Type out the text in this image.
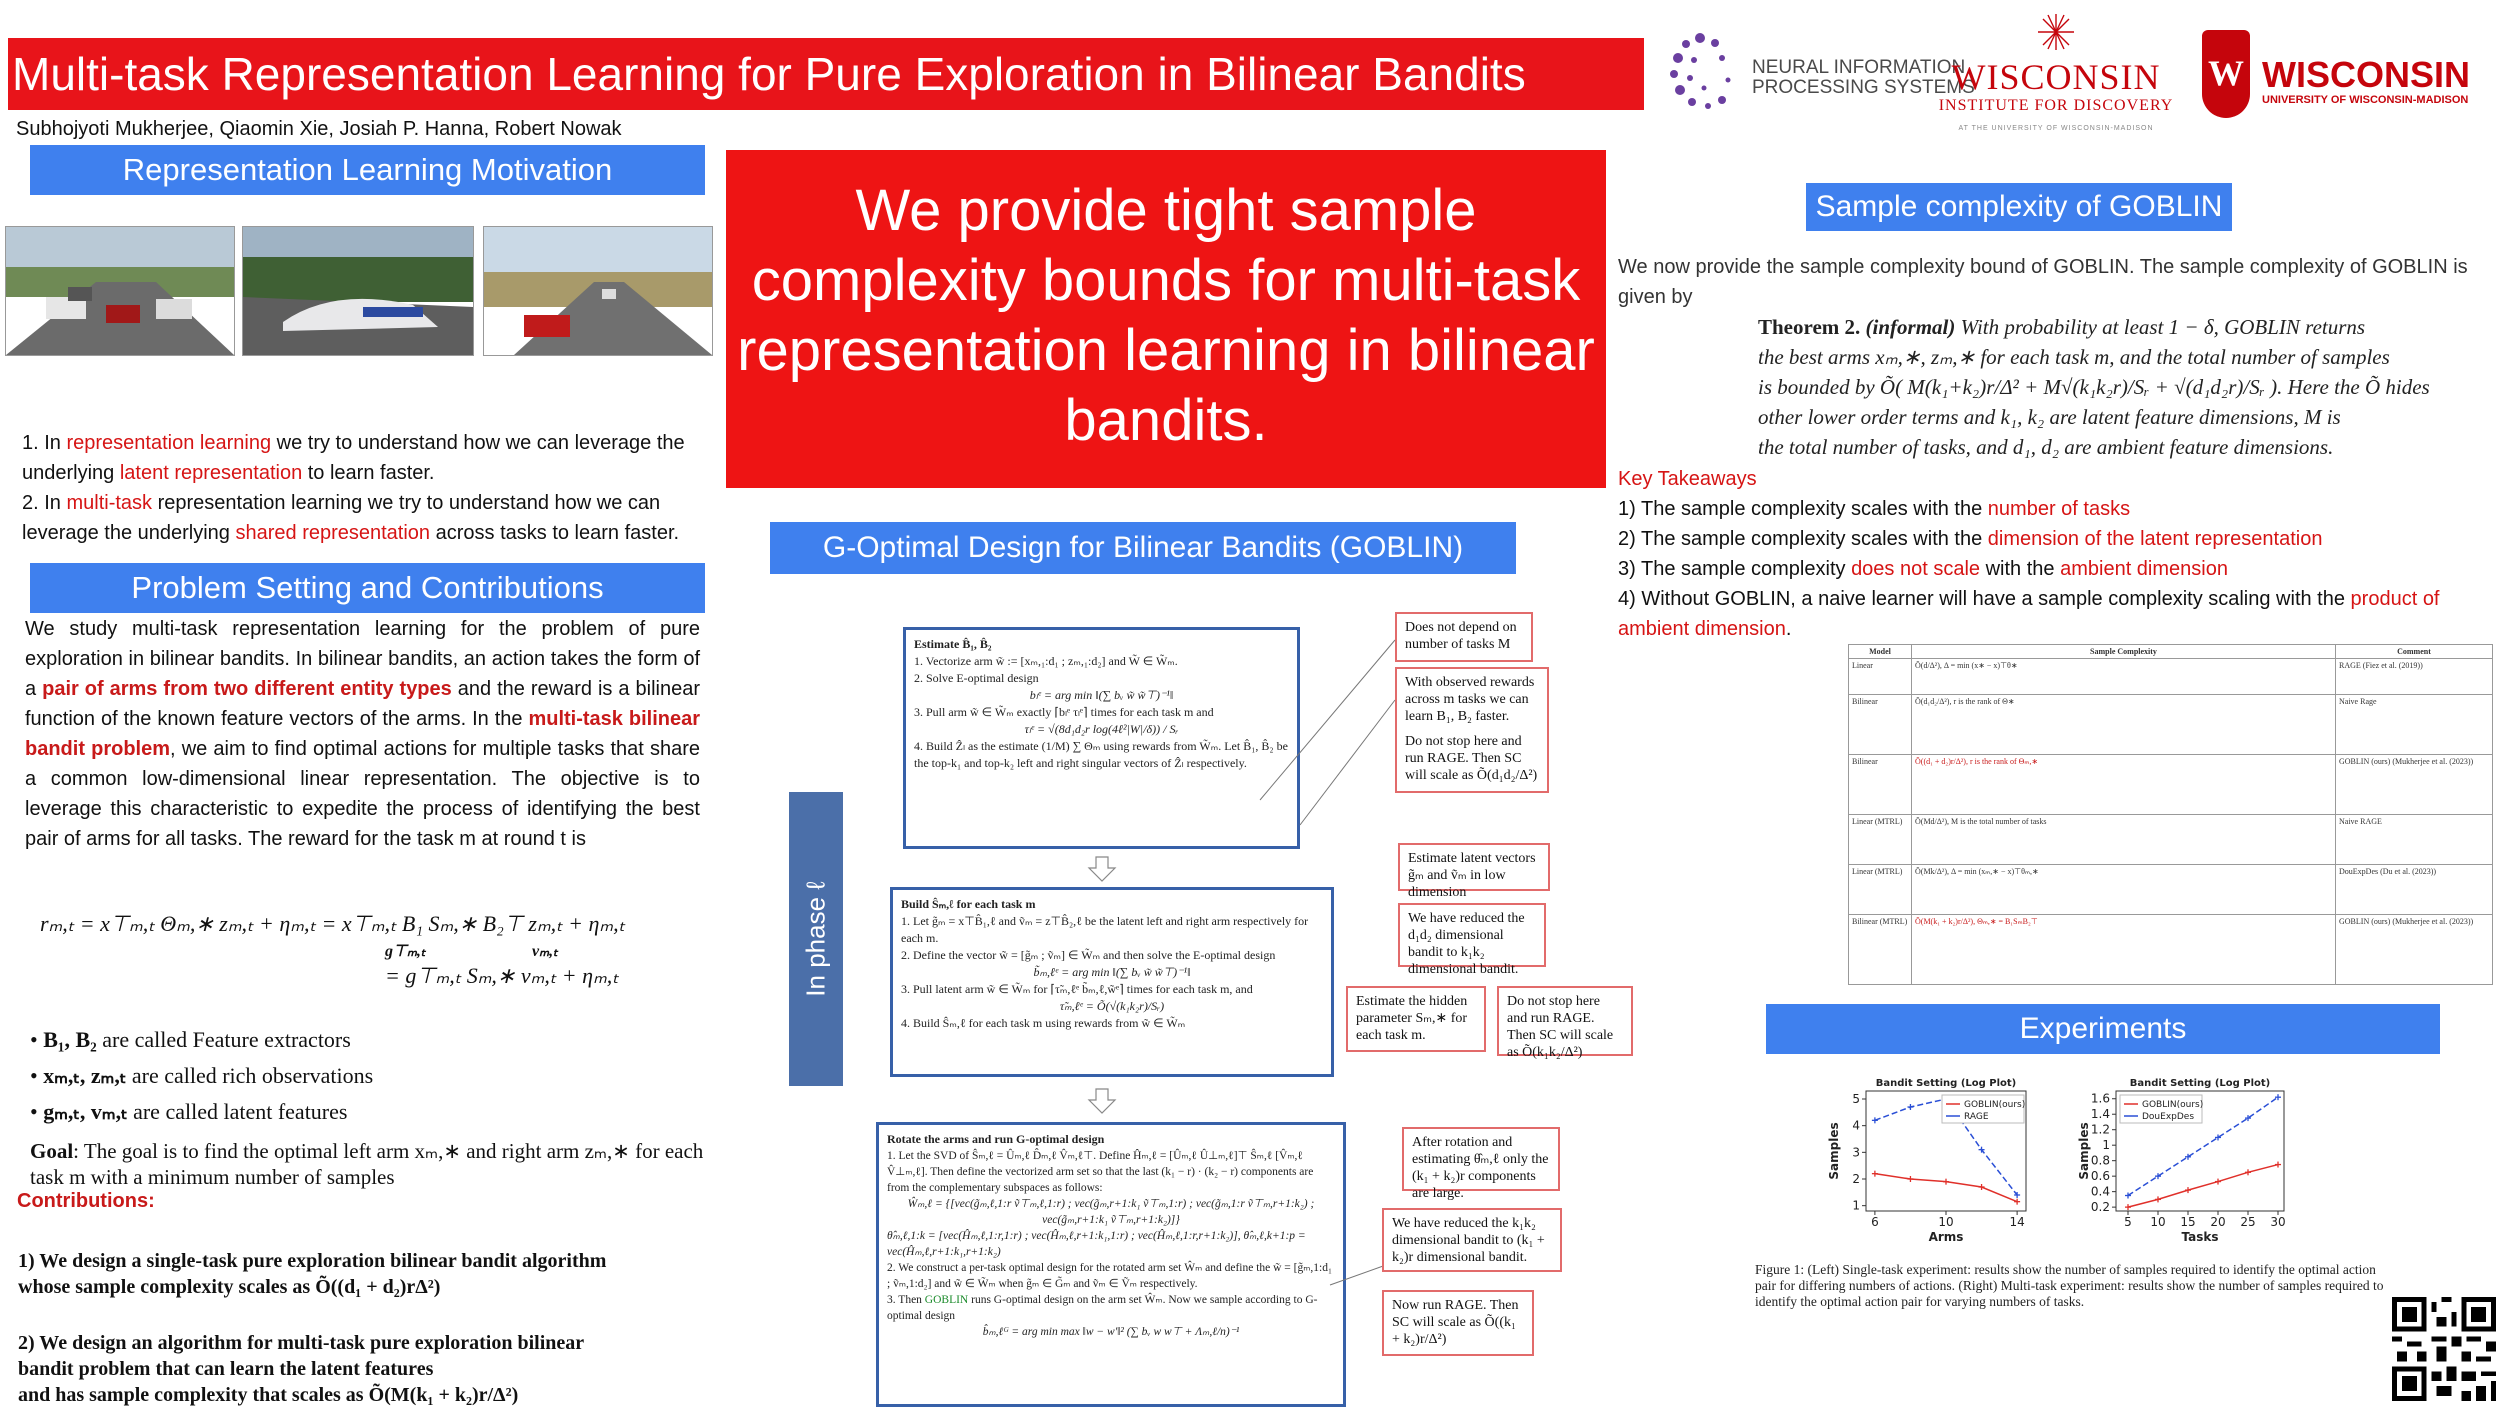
Multi-task Representation Learning for Pure Exploration in Bilinear Bandits
Subhojyoti Mukherjee, Qiaomin Xie, Josiah P. Hanna, Robert Nowak
NEURAL INFORMATION
PROCESSING SYSTEMS
WISCONSIN
INSTITUTE FOR DISCOVERY
AT THE UNIVERSITY OF WISCONSIN-MADISON
W WISCONSIN
UNIVERSITY OF WISCONSIN-MADISON
Representation Learning Motivation
1. In representation learning we try to understand how we can leverage the underlying latent representation to learn faster.
2. In multi-task representation learning we try to understand how we can leverage the underlying shared representation across tasks to learn faster.
Problem Setting and Contributions
We study multi-task representation learning for the problem of pure exploration in bilinear bandits. In bilinear bandits, an action takes the form of a pair of arms from two different entity types and the reward is a bilinear function of the known feature vectors of the arms. In the multi-task bilinear bandit problem, we aim to find optimal actions for multiple tasks that share a common low-dimensional linear representation. The objective is to leverage this characteristic to expedite the process of identifying the best pair of arms for all tasks. The reward for the task m at round t is
rₘ,ₜ = x⊤ₘ,ₜ Θₘ,∗ zₘ,ₜ + ηₘ,ₜ = x⊤ₘ,ₜ B₁ Sₘ,∗ B₂⊤ zₘ,ₜ + ηₘ,ₜ
g⊤ₘ,ₜ	vₘ,ₜ
= g⊤ₘ,ₜ Sₘ,∗ vₘ,ₜ + ηₘ,ₜ
• B₁, B₂ are called Feature extractors
• xₘ,ₜ, zₘ,ₜ are called rich observations
• gₘ,ₜ, vₘ,ₜ are called latent features
Goal: The goal is to find the optimal left arm xₘ,∗ and right arm zₘ,∗ for each task m with a minimum number of samples
Contributions:
1) We design a single-task pure exploration bilinear bandit algorithm
whose sample complexity scales as Õ((d₁ + d₂)rΔ²)
2) We design an algorithm for multi-task pure exploration bilinear
bandit problem that can learn the latent features
and has sample complexity that scales as Õ(M(k₁ + k₂)r/Δ²)
We provide tight sample complexity bounds for multi-task representation learning in bilinear bandits.
G-Optimal Design for Bilinear Bandits (GOBLIN)
In phase ℓ
Estimate B̂₁, B̂₂
1. Vectorize arm w̃ := [xₘ,₁:d₁ ; zₘ,₁:d₂] and W̃ ∈ W̃ₘ.
2. Solve E-optimal design
bₗᵉ = arg min ‖(∑ bᵥ w̃ w̃⊤)⁻¹‖
3. Pull arm w̃ ∈ W̃ₘ exactly ⌈bₗᵉ τₗᵉ⌉ times for each task m and
τₗᵉ = √(8d₁d₂r log(4ℓ²|W|/δ)) / Sᵣ
4. Build Ẑₗ as the estimate (1/M) ∑ Θₘ using rewards from W̃ₘ. Let B̂₁, B̂₂ be the top-k₁ and top-k₂ left and right singular vectors of Ẑₗ respectively.
Build Ŝₘ,ℓ for each task m
1. Let g̃ₘ = x⊤B̂₁,ℓ and ṽₘ = z⊤B̂₂,ℓ be the latent left and right arm respectively for each m.
2. Define the vector w̃ = [g̃ₘ ; ṽₘ] ∈ W̃ₘ and then solve the E-optimal design
b̃ₘ,ℓᵉ = arg min ‖(∑ bᵥ w̃ w̃⊤)⁻¹‖
3. Pull latent arm w̃ ∈ W̃ₘ for ⌈τ̃ₘ,ℓᵉ b̃ₘ,ℓ,w̃ᵉ⌉ times for each task m, and
τ̃ₘ,ℓᵉ = Õ(√(k₁k₂r)/Sᵣ)
4. Build Ŝₘ,ℓ for each task m using rewards from w̃ ∈ W̃ₘ
Rotate the arms and run G-optimal design
1. Let the SVD of Ŝₘ,ℓ = Ûₘ,ℓ D̂ₘ,ℓ V̂ₘ,ℓ⊤. Define Ĥₘ,ℓ = [Ûₘ,ℓ Û⊥ₘ,ℓ]⊤ Ŝₘ,ℓ [V̂ₘ,ℓ V̂⊥ₘ,ℓ]. Then define the vectorized arm set so that the last (k₁ − r) · (k₂ − r) components are from the complementary subspaces as follows:
Ŵₘ,ℓ = {[vec(g̃ₘ,ℓ,1:r ṽ⊤ₘ,ℓ,1:r) ; vec(g̃ₘ,r+1:k₁ ṽ⊤ₘ,1:r) ; vec(g̃ₘ,1:r ṽ⊤ₘ,r+1:k₂) ; vec(g̃ₘ,r+1:k₁ ṽ⊤ₘ,r+1:k₂)]}
θ̂ₘ,ℓ,1:k = [vec(Ĥₘ,ℓ,1:r,1:r) ; vec(Ĥₘ,ℓ,r+1:k₁,1:r) ; vec(Ĥₘ,ℓ,1:r,r+1:k₂)], θ̂ₘ,ℓ,k+1:p = vec(Ĥₘ,ℓ,r+1:k₁,r+1:k₂)
2. We construct a per-task optimal design for the rotated arm set Ŵₘ and define the w̃ = [g̃ₘ,1:d₁ ; ṽₘ,1:d₂] and w̃ ∈ W̃ₘ when g̃ₘ ∈ G̃ₘ and ṽₘ ∈ Ṽₘ respectively.
3. Then GOBLIN runs G-optimal design on the arm set Ŵₘ. Now we sample according to G-optimal design
b̂ₘ,ℓᴳ = arg min max ‖w − w'‖² (∑ bᵥ w w⊤ + Λₘ,ℓ/n)⁻¹
Does not depend on number of tasks M
With observed rewards across m tasks we can learn B₁, B₂ faster.
Do not stop here and run RAGE. Then SC will scale as Õ(d₁d₂/Δ²)
Estimate latent vectors g̃ₘ and ṽₘ in low dimension
We have reduced the d₁d₂ dimensional bandit to k₁k₂ dimensional bandit.
Estimate the hidden parameter Sₘ,∗ for each task m.
Do not stop here and run RAGE. Then SC will scale as Õ(k₁k₂/Δ²)
After rotation and estimating θ̂ₘ,ℓ only the (k₁ + k₂)r components are large.
We have reduced the k₁k₂ dimensional bandit to (k₁ + k₂)r dimensional bandit.
Now run RAGE. Then SC will scale as Õ((k₁ + k₂)r/Δ²)
Sample complexity of GOBLIN
We now provide the sample complexity bound of GOBLIN. The sample complexity of GOBLIN is given by
Theorem 2. (informal) With probability at least 1 − δ, GOBLIN returns
the best arms xₘ,∗, zₘ,∗ for each task m, and the total number of samples
is bounded by Õ( M(k₁+k₂)r/Δ² + M√(k₁k₂r)/Sᵣ + √(d₁d₂r)/Sᵣ ). Here the Õ hides
other lower order terms and k₁, k₂ are latent feature dimensions, M is
the total number of tasks, and d₁, d₂ are ambient feature dimensions.
Key Takeaways
1) The sample complexity scales with the number of tasks
2) The sample complexity scales with the dimension of the latent representation
3) The sample complexity does not scale with the ambient dimension
4) Without GOBLIN, a naive learner will have a sample complexity scaling with the product of ambient dimension.
Model	Sample Complexity	Comment
Linear	Õ(d/Δ²), Δ = min (x∗ − x)⊤θ∗	RAGE (Fiez et al. (2019))
Bilinear	Õ(d₁d₂/Δ²), r is the rank of Θ∗	Naive Rage
Bilinear	Õ((d₁ + d₂)r/Δ²), r is the rank of Θₘ,∗	GOBLIN (ours) (Mukherjee et al. (2023))
Linear (MTRL)	Õ(Md/Δ²), M is the total number of tasks	Naive RAGE
Linear (MTRL)	Õ(Mk/Δ²), Δ = min (xₘ,∗ − x)⊤θₘ,∗	DouExpDes (Du et al. (2023))
Bilinear (MTRL)	Õ(M(k₁ + k₂)r/Δ²), Θₘ,∗ = B₁SₘB₂⊤	GOBLIN (ours) (Mukherjee et al. (2023))
Experiments
Bandit Setting (Log Plot)
Arms
Samples
6	10	14
1
2
3
4
5	GOBLIN(ours)
RAGE
Bandit Setting (Log Plot)
Tasks
Samples
5 10 15 20 25 30
0.2
0.4
0.6
0.8
1
1.2
1.4
1.6	GOBLIN(ours)
DouExpDes
Figure 1: (Left) Single-task experiment: results show the number of samples required to identify the optimal action pair for differing numbers of actions. (Right) Multi-task experiment: results show the number of samples required to identify the optimal action pair for varying numbers of tasks.
